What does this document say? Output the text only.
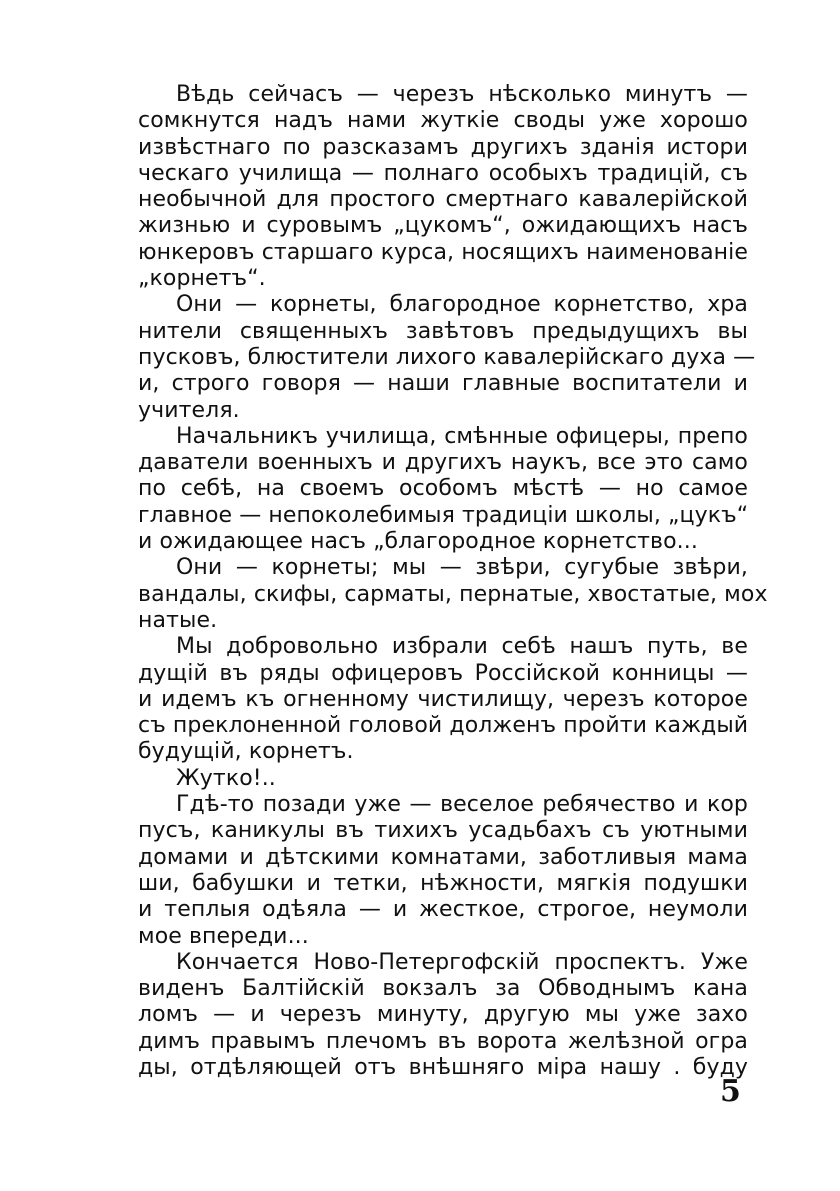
Вѣдь сейчасъ — черезъ нѣсколько минутъ —
сомкнутся надъ нами жуткіе своды уже хорошо
извѣстнаго по разсказамъ другихъ зданія истори
ческаго училища — полнаго особыхъ традицій, съ
необычной для простого смертнаго кавалерійской
жизнью и суровымъ „цукомъ“, ожидающихъ насъ
юнкеровъ старшаго курса, носящихъ наименованіе
„корнетъ“.
Они — корнеты, благородное корнетство, хра
нители священныхъ завѣтовъ предыдущихъ вы
пусковъ, блюстители лихого кавалерійскаго духа —
и, строго говоря — наши главные воспитатели и
учителя.
Начальникъ училища, смѣнные офицеры, препо
даватели военныхъ и другихъ наукъ, все это само
по себѣ, на своемъ особомъ мѣстѣ — но самое
главное — непоколебимыя традиціи школы, „цукъ“
и ожидающее насъ „благородное корнетство...
Они — корнеты; мы — звѣри, сугубые звѣри,
вандалы, скифы, сарматы, пернатые, хвостатые, мох
натые.
Мы добровольно избрали себѣ нашъ путь, ве
дущій въ ряды офицеровъ Россійской конницы —
и идемъ къ огненному чистилищу, черезъ которое
съ преклоненной головой долженъ пройти каждый
будущій, корнетъ.
Жутко!..
Гдѣ-то позади уже — веселое ребячество и кор
пусъ, каникулы въ тихихъ усадьбахъ съ уютными
домами и дѣтскими комнатами, заботливыя мама
ши, бабушки и тетки, нѣжности, мягкія подушки
и теплыя одѣяла — и жесткое, строгое, неумоли
мое впереди...
Кончается Ново-Петергофскій проспектъ. Уже
виденъ Балтійскій вокзалъ за Обводнымъ кана
ломъ — и черезъ минуту, другую мы уже захо
димъ правымъ плечомъ въ ворота желѣзной огра
ды, отдѣляющей отъ внѣшняго міра нашу . буду
5
